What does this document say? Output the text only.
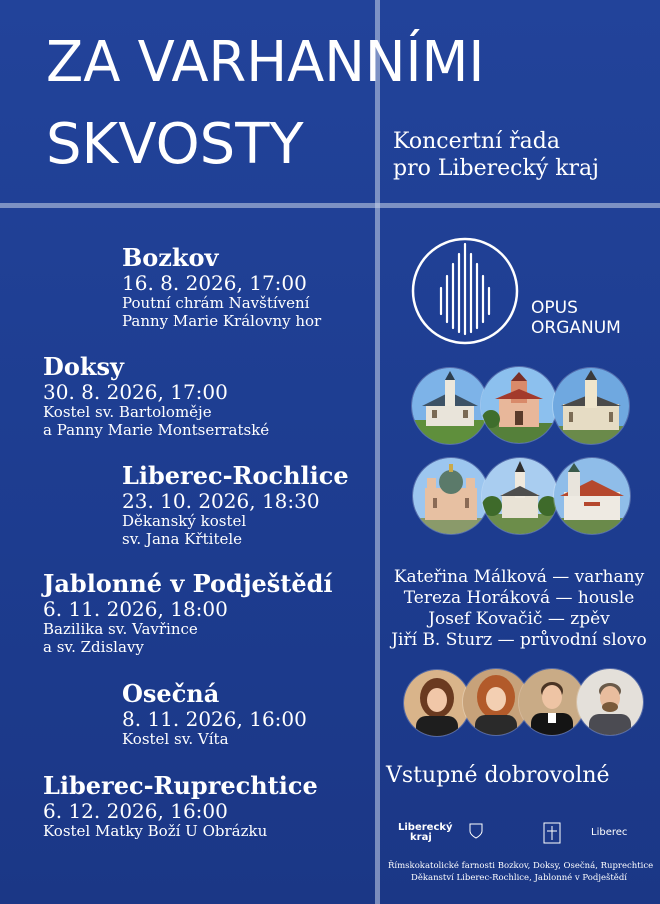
ZA VARHANNÍMI
SKVOSTY	Koncertní řada
pro Liberecký kraj
Bozkov
16. 8. 2026, 17:00
Poutní chrám Navštívení
Panny Marie Královny hor
Doksy
30. 8. 2026, 17:00
Kostel sv. Bartoloměje
a Panny Marie Montserratské
Liberec-Rochlice
23. 10. 2026, 18:30
Děkanský kostel
sv. Jana Křtitele
Jablonné v Podještědí
6. 11. 2026, 18:00
Bazilika sv. Vavřince
a sv. Zdislavy
Osečná
8. 11. 2026, 16:00
Kostel sv. Víta
Liberec-Ruprechtice
6. 12. 2026, 16:00
Kostel Matky Boží U Obrázku
OPUS
ORGANUM
Kateřina Málková — varhany
Tereza Horáková — housle
Josef Kovačič — zpěv
Jiří B. Sturz — průvodní slovo
Vstupné dobrovolné
Liberecký
kraj	Liberec
Římskokatolické farnosti Bozkov, Doksy, Osečná, Ruprechtice
Děkanství Liberec-Rochlice, Jablonné v Podještědí
